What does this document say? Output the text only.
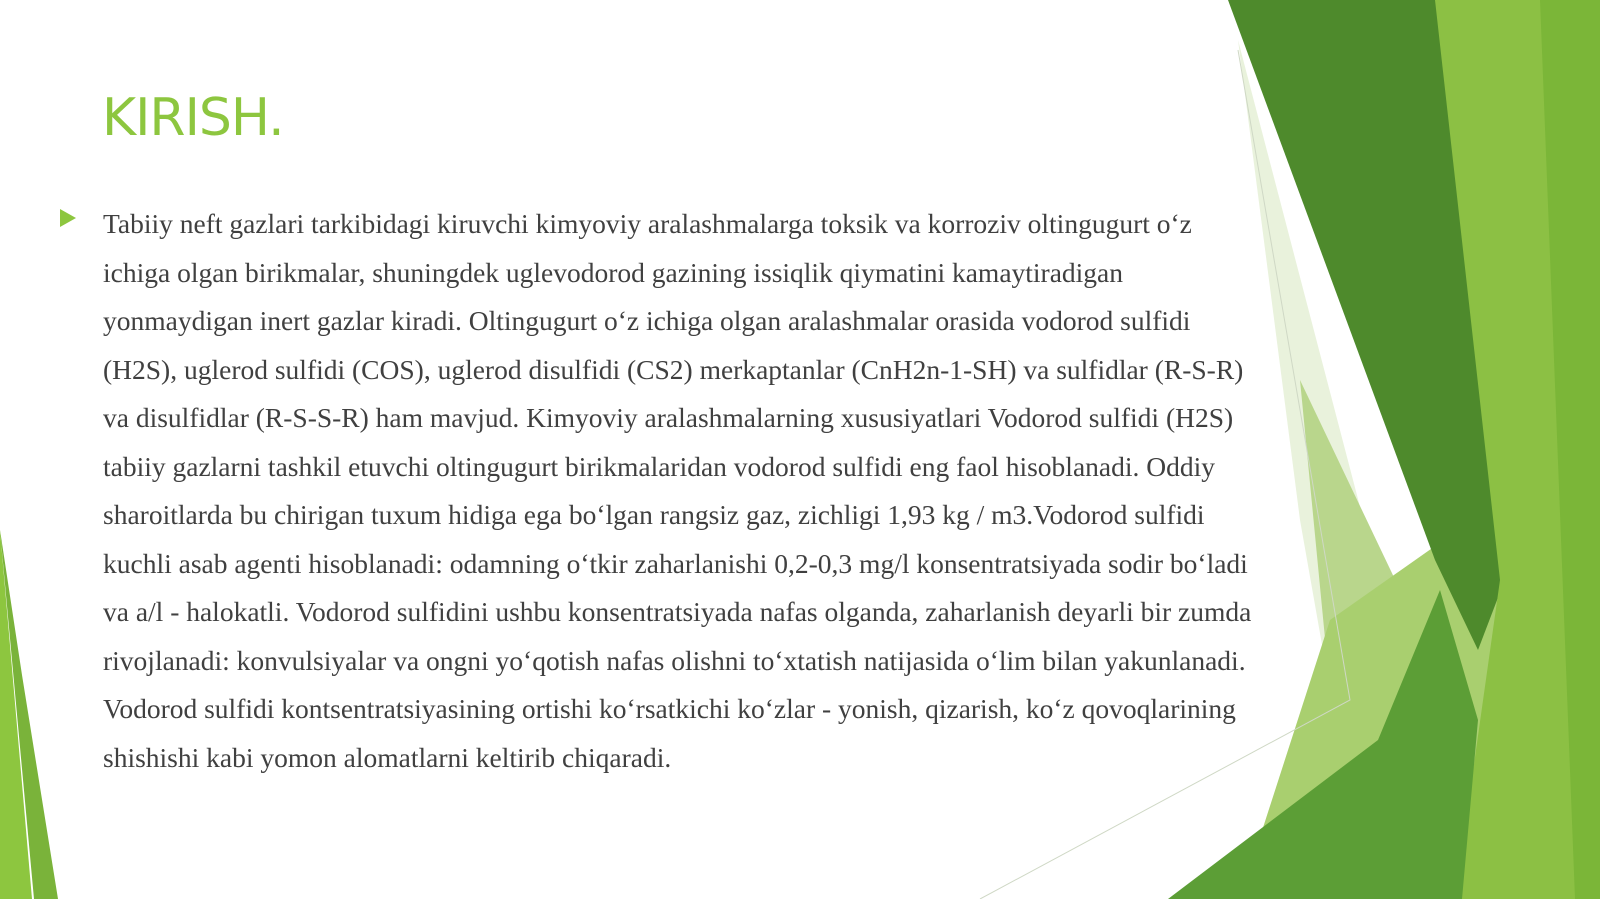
KIRISH.

Tabiiy neft gazlari tarkibidagi kiruvchi kimyoviy aralashmalarga toksik va korroziv oltingugurt o‘z ichiga olgan birikmalar, shuningdek uglevodorod gazining issiqlik qiymatini kamaytiradigan yonmaydigan inert gazlar kiradi. Oltingugurt o‘z ichiga olgan aralashmalar orasida vodorod sulfidi (H2S), uglerod sulfidi (COS), uglerod disulfidi (CS2) merkaptanlar (CnH2n-1-SH) va sulfidlar (R-S-R) va disulfidlar (R-S-S-R) ham mavjud. Kimyoviy aralashmalarning xususiyatlari Vodorod sulfidi (H2S) tabiiy gazlarni tashkil etuvchi oltingugurt birikmalaridan vodorod sulfidi eng faol hisoblanadi. Oddiy sharoitlarda bu chirigan tuxum hidiga ega bo‘lgan rangsiz gaz, zichligi 1,93 kg / m3.Vodorod sulfidi kuchli asab agenti hisoblanadi: odamning o‘tkir zaharlanishi 0,2-0,3 mg/l konsentratsiyada sodir bo‘ladi va a/l - halokatli. Vodorod sulfidini ushbu konsentratsiyada nafas olganda, zaharlanish deyarli bir zumda rivojlanadi: konvulsiyalar va ongni yo‘qotish nafas olishni to‘xtatish natijasida o‘lim bilan yakunlanadi. Vodorod sulfidi kontsentratsiyasining ortishi ko‘rsatkichi ko‘zlar - yonish, qizarish, ko‘z qovoqlarining shishishi kabi yomon alomatlarni keltirib chiqaradi.
